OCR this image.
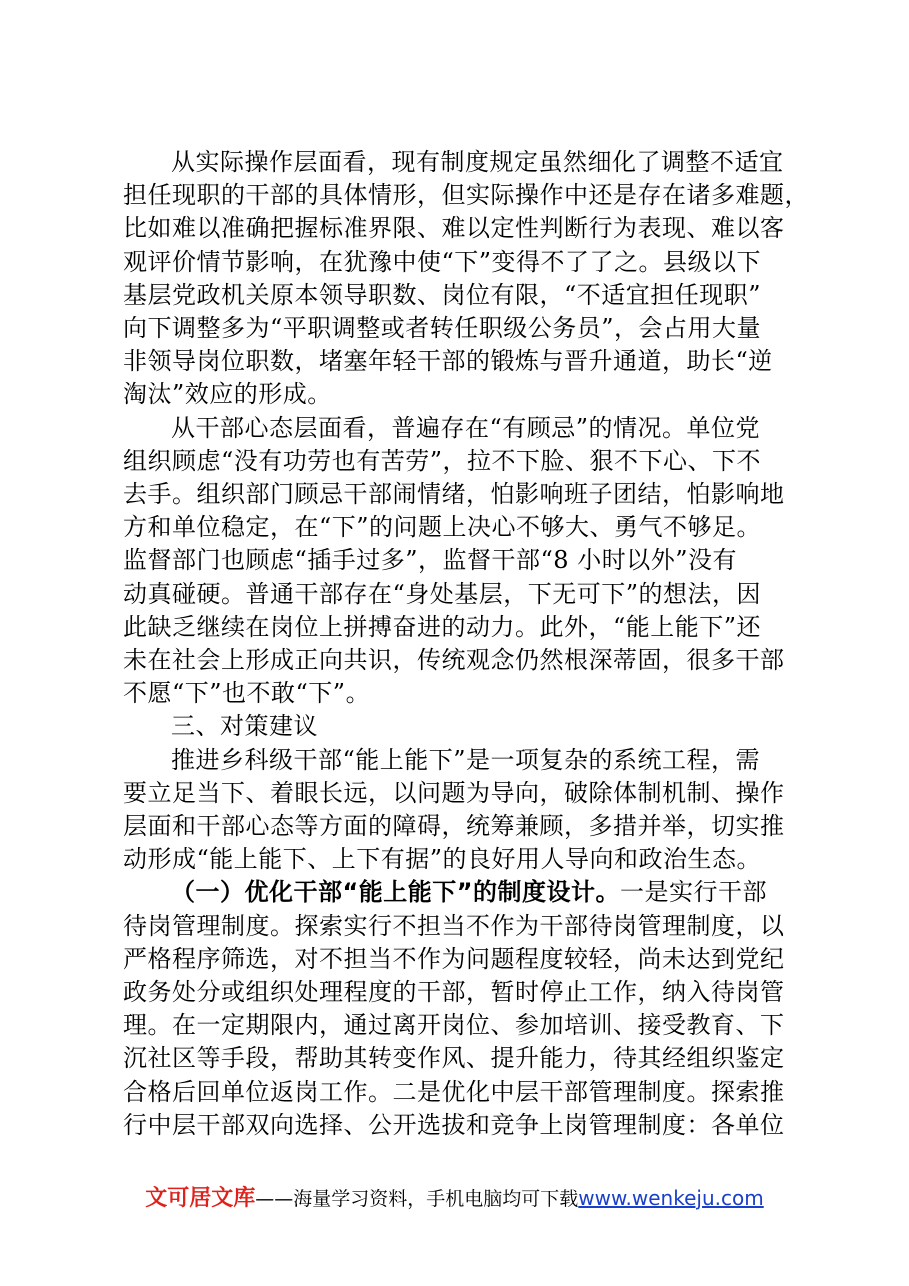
从实际操作层面看，现有制度规定虽然细化了调整不适宜
担任现职的干部的具体情形，但实际操作中还是存在诸多难题，
比如难以准确把握标准界限、难以定性判断行为表现、难以客
观评价情节影响，在犹豫中使“下”变得不了了之。县级以下
基层党政机关原本领导职数、岗位有限，“不适宜担任现职”
向下调整多为“平职调整或者转任职级公务员”，会占用大量
非领导岗位职数，堵塞年轻干部的锻炼与晋升通道，助长“逆
淘汰”效应的形成。

从干部心态层面看，普遍存在“有顾忌”的情况。单位党
组织顾虑“没有功劳也有苦劳”，拉不下脸、狠不下心、下不
去手。组织部门顾忌干部闹情绪，怕影响班子团结，怕影响地
方和单位稳定，在“下”的问题上决心不够大、勇气不够足。
监督部门也顾虑“插手过多”，监督干部“8 小时以外”没有
动真碰硬。普通干部存在“身处基层，下无可下”的想法，因
此缺乏继续在岗位上拼搏奋进的动力。此外，“能上能下”还
未在社会上形成正向共识，传统观念仍然根深蒂固，很多干部
不愿“下”也不敢“下”。

三、对策建议

推进乡科级干部“能上能下”是一项复杂的系统工程，需
要立足当下、着眼长远，以问题为导向，破除体制机制、操作
层面和干部心态等方面的障碍，统筹兼顾，多措并举，切实推
动形成“能上能下、上下有据”的良好用人导向和政治生态。

（一）优化干部“能上能下”的制度设计。一是实行干部
待岗管理制度。探索实行不担当不作为干部待岗管理制度，以
严格程序筛选，对不担当不作为问题程度较轻，尚未达到党纪
政务处分或组织处理程度的干部，暂时停止工作，纳入待岗管
理。在一定期限内，通过离开岗位、参加培训、接受教育、下
沉社区等手段，帮助其转变作风、提升能力，待其经组织鉴定
合格后回单位返岗工作。二是优化中层干部管理制度。探索推
行中层干部双向选择、公开选拔和竞争上岗管理制度：各单位

文可居文库——海量学习资料，手机电脑均可下载www.wenkeju.com
